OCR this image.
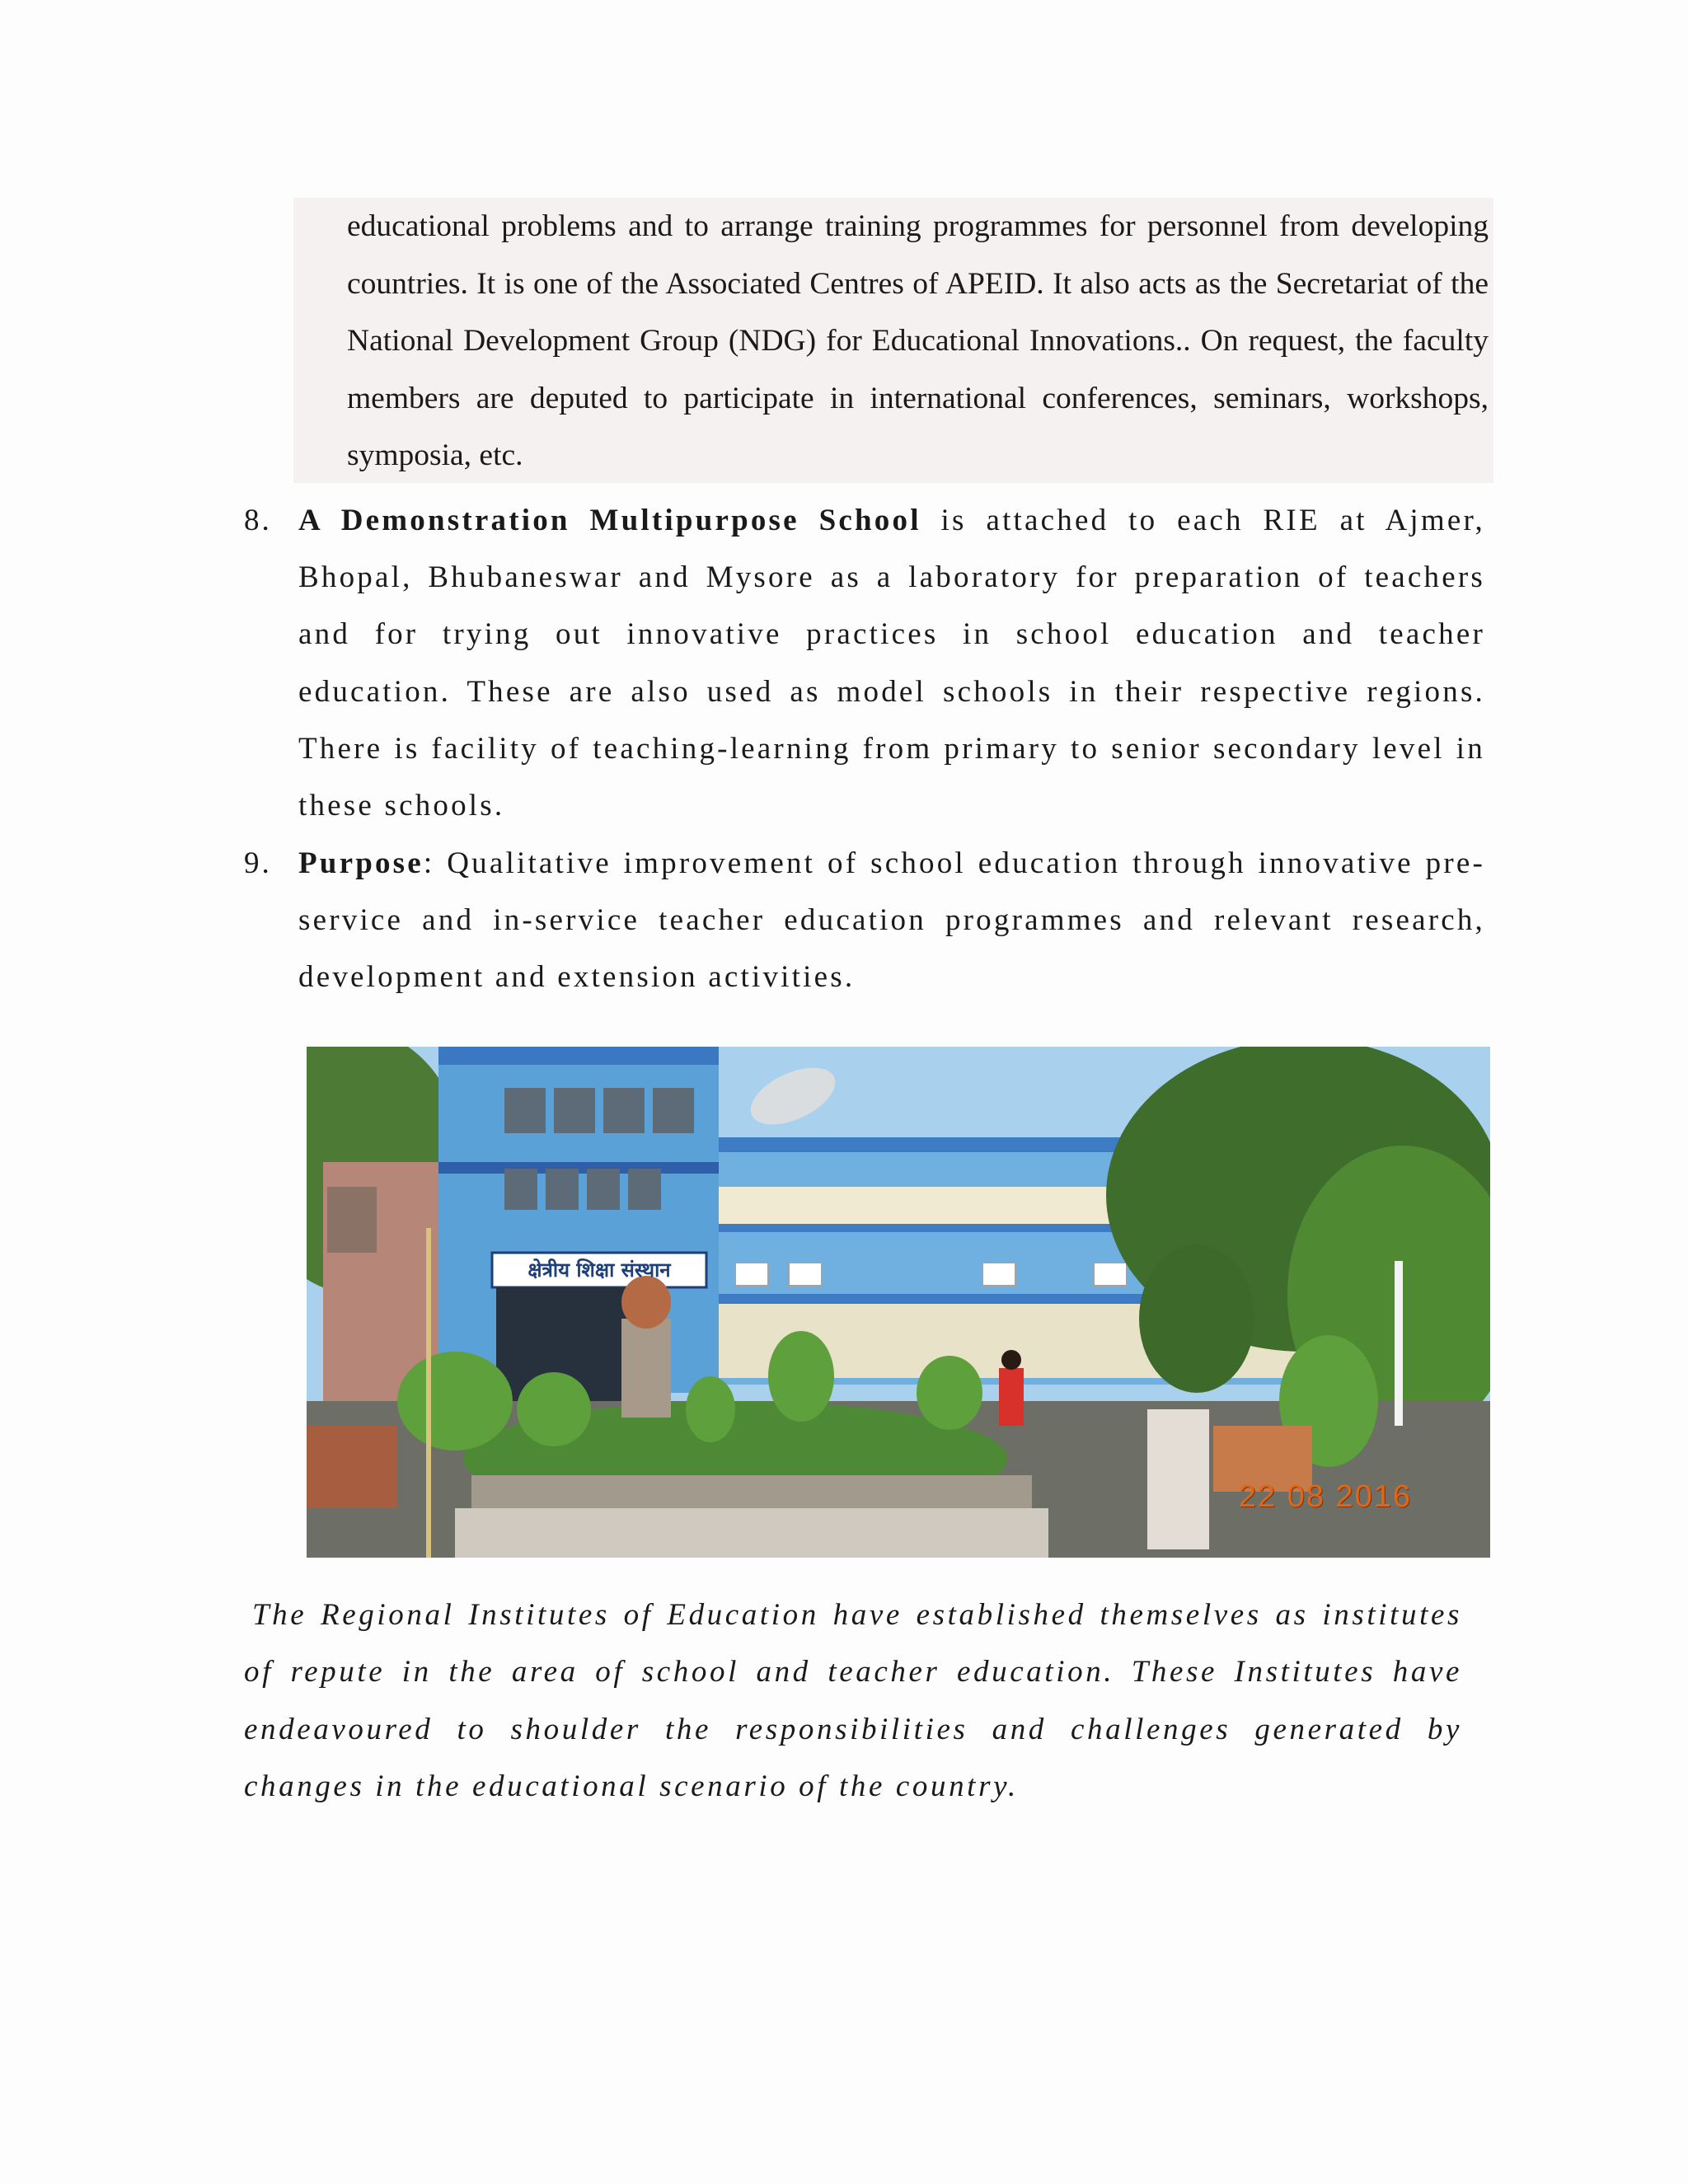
educational problems and to arrange training programmes for personnel from developing countries. It is one of the Associated Centres of APEID. It also acts as the Secretariat of the National Development Group (NDG) for Educational Innovations.. On request, the faculty members are deputed to participate in international conferences, seminars, workshops, symposia, etc.

8. A Demonstration Multipurpose School is attached to each RIE at Ajmer, Bhopal, Bhubaneswar and Mysore as a laboratory for preparation of teachers and for trying out innovative practices in school education and teacher education. These are also used as model schools in their respective regions. There is facility of teaching-learning from primary to senior secondary level in these schools.

9. Purpose: Qualitative improvement of school education through innovative pre-service and in-service teacher education programmes and relevant research, development and extension activities.

क्षेत्रीय शिक्षा संस्थान
22 08 2016

The Regional Institutes of Education have established themselves as institutes of repute in the area of school and teacher education. These Institutes have endeavoured to shoulder the responsibilities and challenges generated by changes in the educational scenario of the country.
